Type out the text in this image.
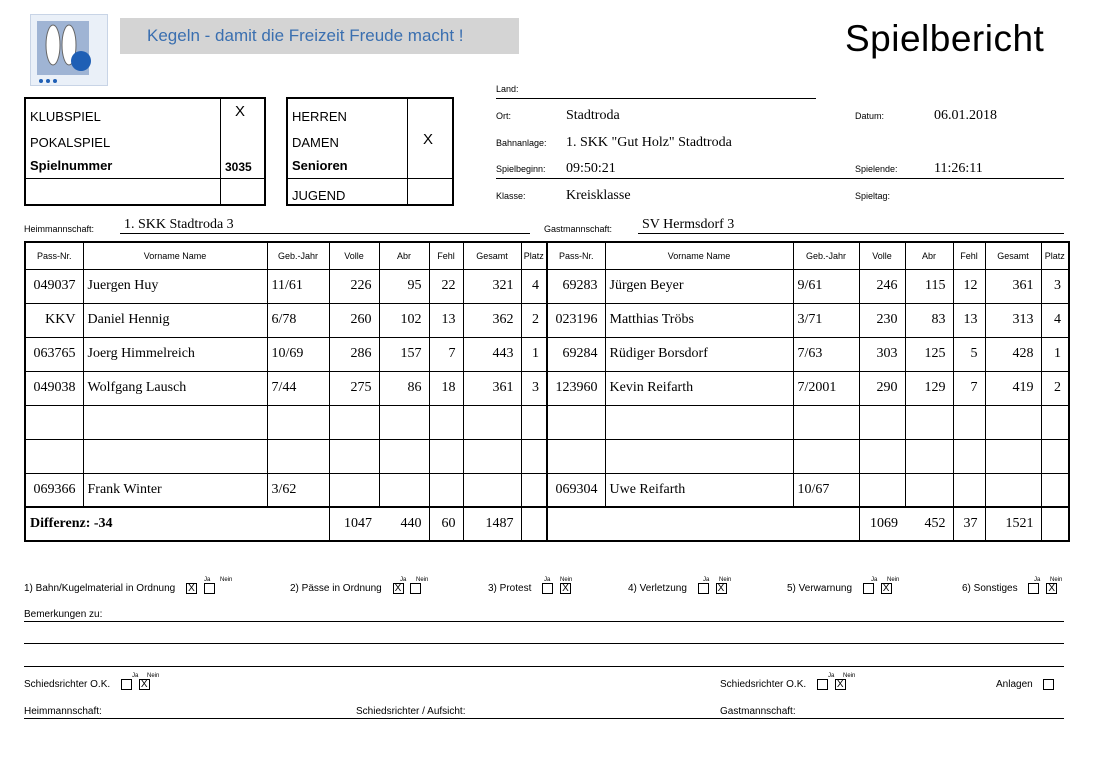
Kegeln - damit die Freizeit Freude macht !	Spielbericht
KLUBSPIEL	X
POKALSPIEL
Spielnummer	3035
HERREN
DAMEN	X
Senioren
JUGEND
Land:
Ort:	Stadtroda	Datum:	06.01.2018
Bahnanlage: 1. SKK "Gut Holz" Stadtroda
Spielbeginn: 09:50:21	Spielende:	11:26:11
Klasse:	Kreisklasse	Spieltag:
Heimmannschaft: 1. SKK Stadtroda 3	Gastmannschaft: SV Hermsdorf 3
Pass-Nr.	Vorname Name	Geb.-Jahr	Volle	Abr	Fehl	Gesamt	Platz	Pass-Nr.	Vorname Name	Geb.-Jahr	Volle	Abr	Fehl	Gesamt	Platz
049037	Juergen Huy	11/61	226	95	22	321	4	69283	Jürgen Beyer	9/61	246	115	12	361	3
KKV	Daniel Hennig	6/78	260	102	13	362	2	023196	Matthias Tröbs	3/71	230	83	13	313	4
063765	Joerg Himmelreich	10/69	286	157	7	443	1	69284	Rüdiger Borsdorf	7/63	303	125	5	428	1
049038	Wolfgang Lausch	7/44	275	86	18	361	3	123960	Kevin Reifarth	7/2001	290	129	7	419	2

069366	Frank Winter	3/62						069304	Uwe Reifarth	10/67					
Differenz: -34			1047	440	60	1487					1069	452	37	1521	
1) Bahn/Kugelmaterial in Ordnung
Ja Nein
X	2) Pässe in Ordnung
Ja Nein
X	3) Protest
Ja Nein
X	4) Verletzung
Ja Nein
X	5) Verwarnung
Ja Nein
X	6) Sonstiges
Ja Nein
X
Bemerkungen zu:
Schiedsrichter O.K.
Ja Nein
X	Schiedsrichter O.K.
Ja Nein
X	Anlagen
Heimmannschaft:	Schiedsrichter / Aufsicht:	Gastmannschaft:
